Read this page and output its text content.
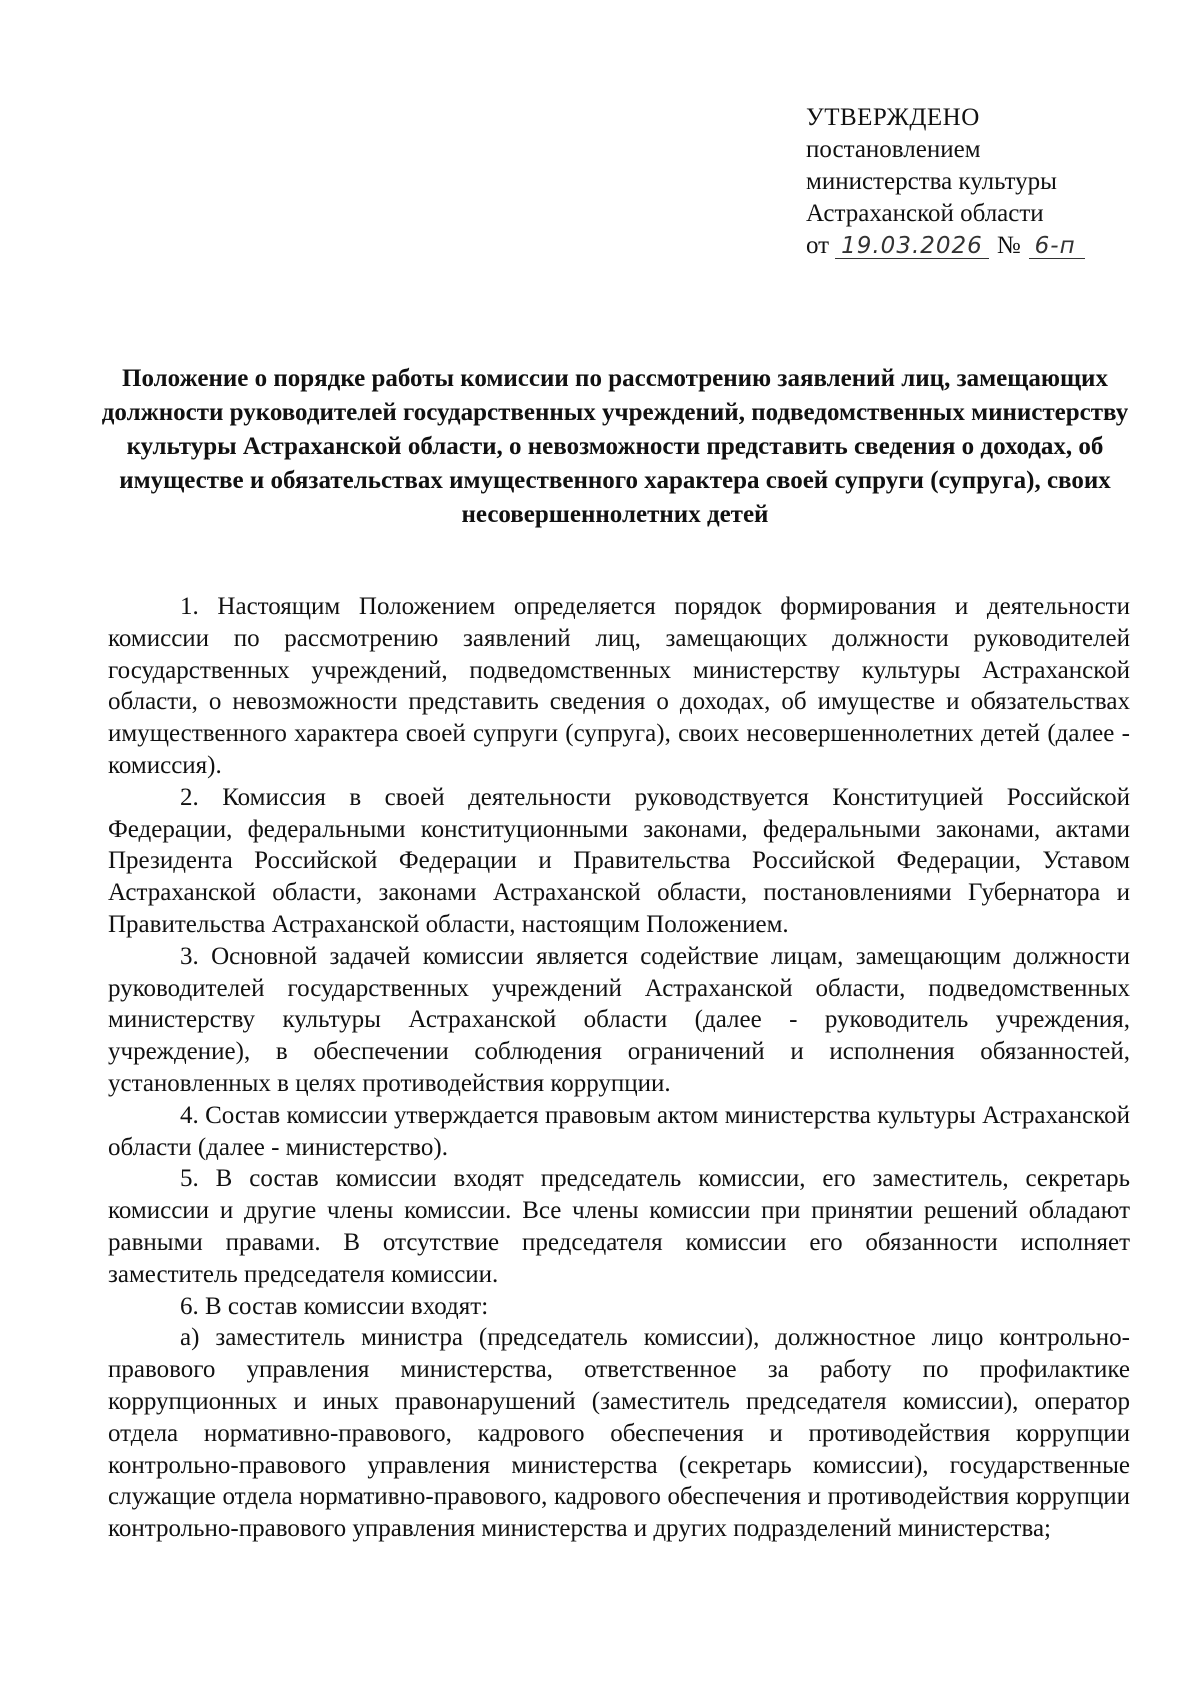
УТВЕРЖДЕНО
постановлением
министерства культуры
Астраханской области
от 19.03.2026 № 6-п
Положение о порядке работы комиссии по рассмотрению заявлений лиц, замещающих должности руководителей государственных учреждений, подведомственных министерству культуры Астраханской области, о невозможности представить сведения о доходах, об имуществе и обязательствах имущественного характера своей супруги (супруга), своих несовершеннолетних детей

1. Настоящим Положением определяется порядок формирования и деятельности комиссии по рассмотрению заявлений лиц, замещающих должности руководителей государственных учреждений, подведомственных министерству культуры Астраханской области, о невозможности представить сведения о доходах, об имуществе и обязательствах имущественного характера своей супруги (супруга), своих несовершеннолетних детей (далее - комиссия).

2. Комиссия в своей деятельности руководствуется Конституцией Российской Федерации, федеральными конституционными законами, федеральными законами, актами Президента Российской Федерации и Правительства Российской Федерации, Уставом Астраханской области, законами Астраханской области, постановлениями Губернатора и Правительства Астраханской области, настоящим Положением.

3. Основной задачей комиссии является содействие лицам, замещающим должности руководителей государственных учреждений Астраханской области, подведомственных министерству культуры Астраханской области (далее - руководитель учреждения, учреждение), в обеспечении соблюдения ограничений и исполнения обязанностей, установленных в целях противодействия коррупции.

4. Состав комиссии утверждается правовым актом министерства культуры Астраханской области (далее - министерство).

5. В состав комиссии входят председатель комиссии, его заместитель, секретарь комиссии и другие члены комиссии. Все члены комиссии при принятии решений обладают равными правами. В отсутствие председателя комиссии его обязанности исполняет заместитель председателя комиссии.

6. В состав комиссии входят:

а) заместитель министра (председатель комиссии), должностное лицо контрольно-правового управления министерства, ответственное за работу по профилактике коррупционных и иных правонарушений (заместитель председателя комиссии), оператор отдела нормативно-правового, кадрового обеспечения и противодействия коррупции контрольно-правового управления министерства (секретарь комиссии), государственные служащие отдела нормативно-правового, кадрового обеспечения и противодействия коррупции контрольно-правового управления министерства и других подразделений министерства;
